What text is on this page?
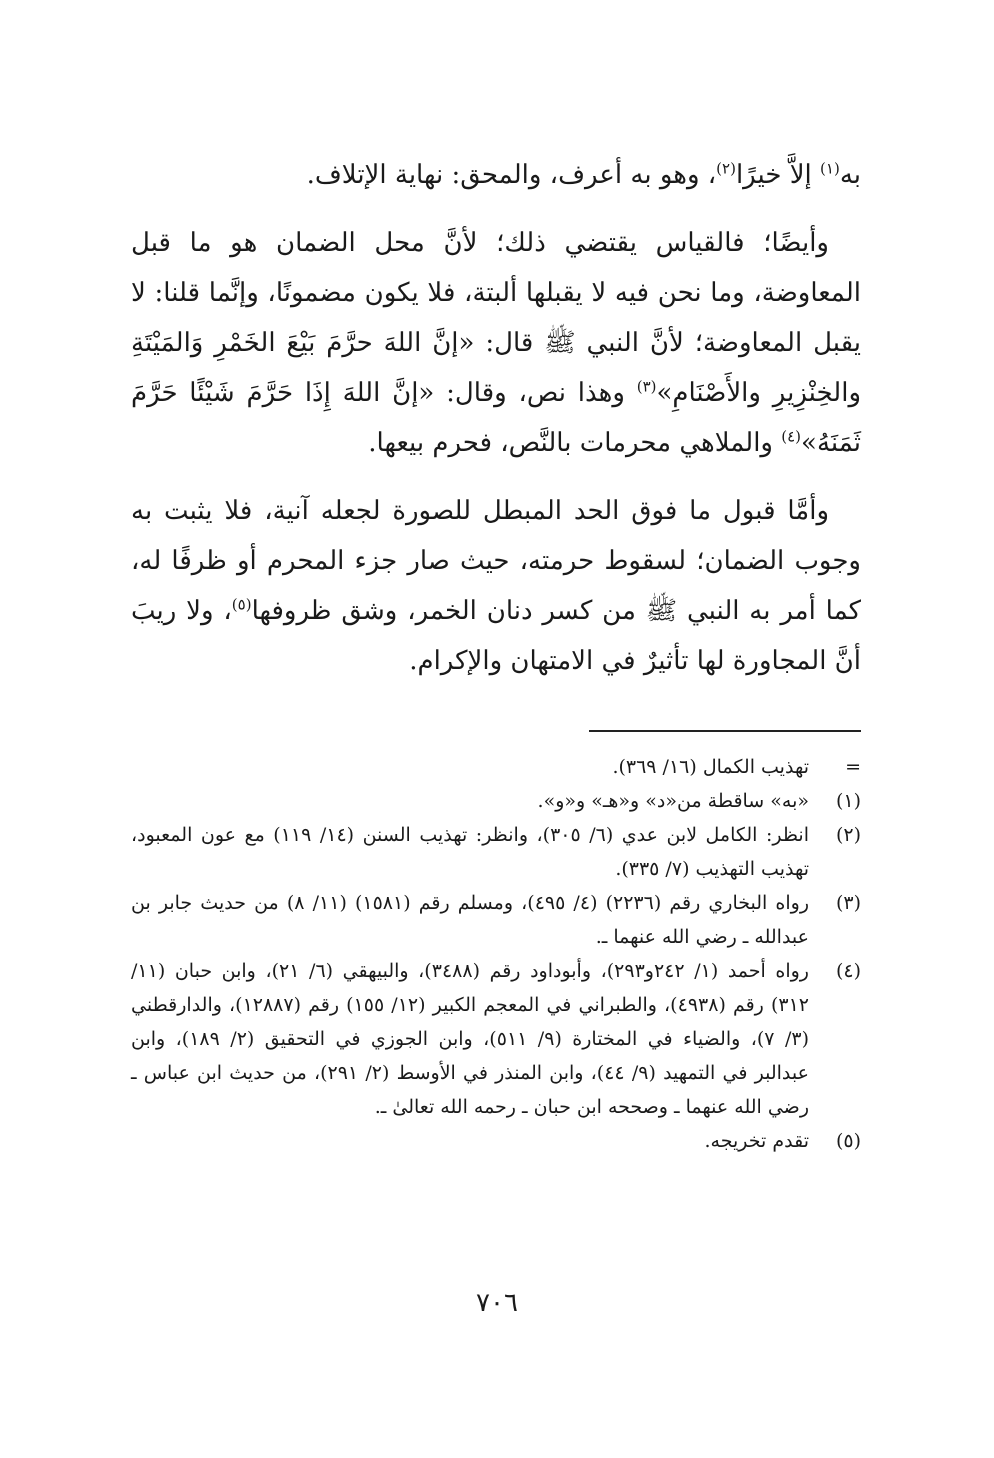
به$^{(١)}$ إلاَّ خيرًا$^{(٢)}$، وهو به أعرف، والمحق: نهاية الإتلاف.

وأيضًا؛ فالقياس يقتضي ذلك؛ لأنَّ محل الضمان هو ما قبل المعاوضة، وما نحن فيه لا يقبلها ألبتة، فلا يكون مضمونًا، وإنَّما قلنا: لا يقبل المعاوضة؛ لأنَّ النبي ﷺ قال: «إنَّ اللهَ حرَّمَ بَيْعَ الخَمْرِ وَالمَيْتَةِ والخِنْزِيرِ والأَصْنَامِ»$^{(٣)}$ وهذا نص، وقال: «إنَّ اللهَ إِذَا حَرَّمَ شَيْئًا حَرَّمَ ثَمَنَهُ»$^{(٤)}$ والملاهي محرمات بالنَّص، فحرم بيعها.

وأمَّا قبول ما فوق الحد المبطل للصورة لجعله آنية، فلا يثبت به وجوب الضمان؛ لسقوط حرمته، حيث صار جزء المحرم أو ظرفًا له، كما أمر به النبي ﷺ من كسر دنان الخمر، وشق ظروفها$^{(٥)}$، ولا ريبَ أنَّ المجاورة لها تأثيرٌ في الامتهان والإكرام.

=
تهذيب الكمال (١٦/ ٣٦٩).
(١)
«به» ساقطة من«د» و«هـ» و«و».
(٢)
انظر: الكامل لابن عدي (٦/ ٣٠٥)، وانظر: تهذيب السنن (١٤/ ١١٩) مع عون المعبود، تهذيب التهذيب (٧/ ٣٣٥).
(٣)
رواه البخاري رقم (٢٢٣٦) (٤/ ٤٩٥)، ومسلم رقم (١٥٨١) (١١/ ٨) من حديث جابر بن عبدالله ـ رضي الله عنهما ـ.
(٤)
رواه أحمد (١/ ٢٤٢و٢٩٣)، وأبوداود رقم (٣٤٨٨)، والبيهقي (٦/ ٢١)، وابن حبان (١١/ ٣١٢) رقم (٤٩٣٨)، والطبراني في المعجم الكبير (١٢/ ١٥٥) رقم (١٢٨٨٧)، والدارقطني (٣/ ٧)، والضياء في المختارة (٩/ ٥١١)، وابن الجوزي في التحقيق (٢/ ١٨٩)، وابن عبدالبر في التمهيد (٩/ ٤٤)، وابن المنذر في الأوسط (٢/ ٢٩١)، من حديث ابن عباس ـ رضي الله عنهما ـ وصححه ابن حبان ـ رحمه الله تعالىٰ ـ.
(٥)
تقدم تخريجه.
٧٠٦
